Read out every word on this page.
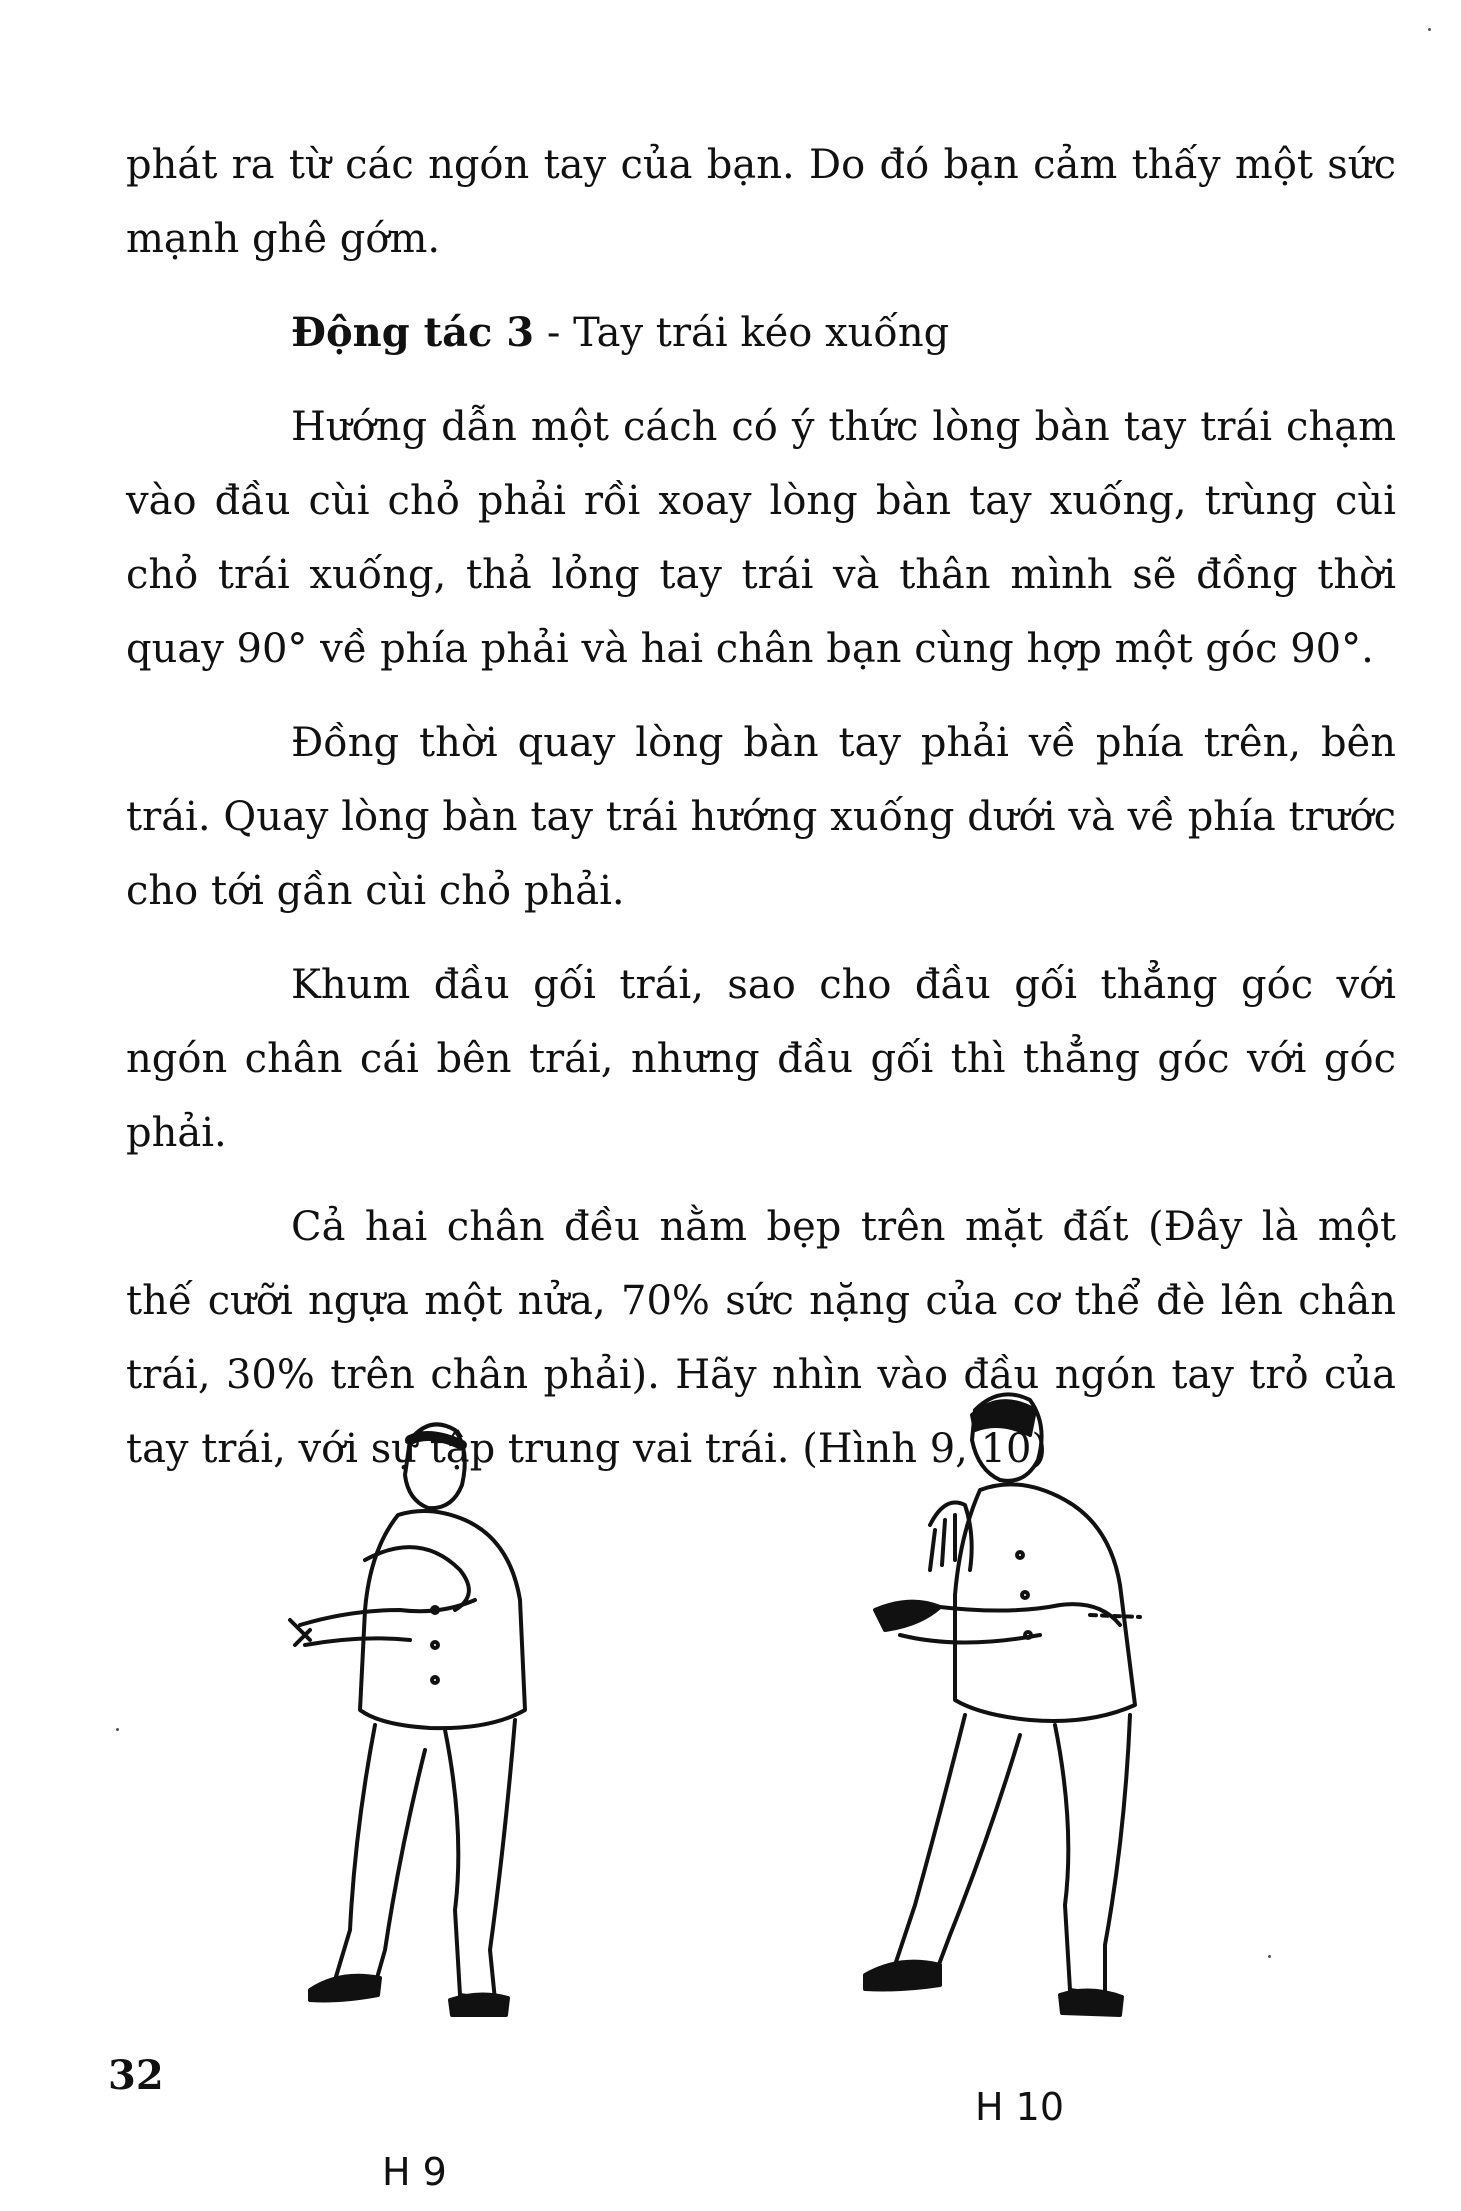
phát ra từ các ngón tay của bạn. Do đó bạn cảm thấy một sức mạnh ghê gớm.

Động tác 3 - Tay trái kéo xuống

Hướng dẫn một cách có ý thức lòng bàn tay trái chạm vào đầu cùi chỏ phải rồi xoay lòng bàn tay xuống, trùng cùi chỏ trái xuống, thả lỏng tay trái và thân mình sẽ đồng thời quay 90° về phía phải và hai chân bạn cùng hợp một góc 90°.

Đồng thời quay lòng bàn tay phải về phía trên, bên trái. Quay lòng bàn tay trái hướng xuống dưới và về phía trước cho tới gần cùi chỏ phải.

Khum đầu gối trái, sao cho đầu gối thẳng góc với ngón chân cái bên trái, nhưng đầu gối thì thẳng góc với góc phải.

Cả hai chân đều nằm bẹp trên mặt đất (Đây là một thế cưỡi ngựa một nửa, 70% sức nặng của cơ thể đè lên chân trái, 30% trên chân phải). Hãy nhìn vào đầu ngón tay trỏ của tay trái, với sự tập trung vai trái. (Hình 9, 10)

32
H 9
H 10
